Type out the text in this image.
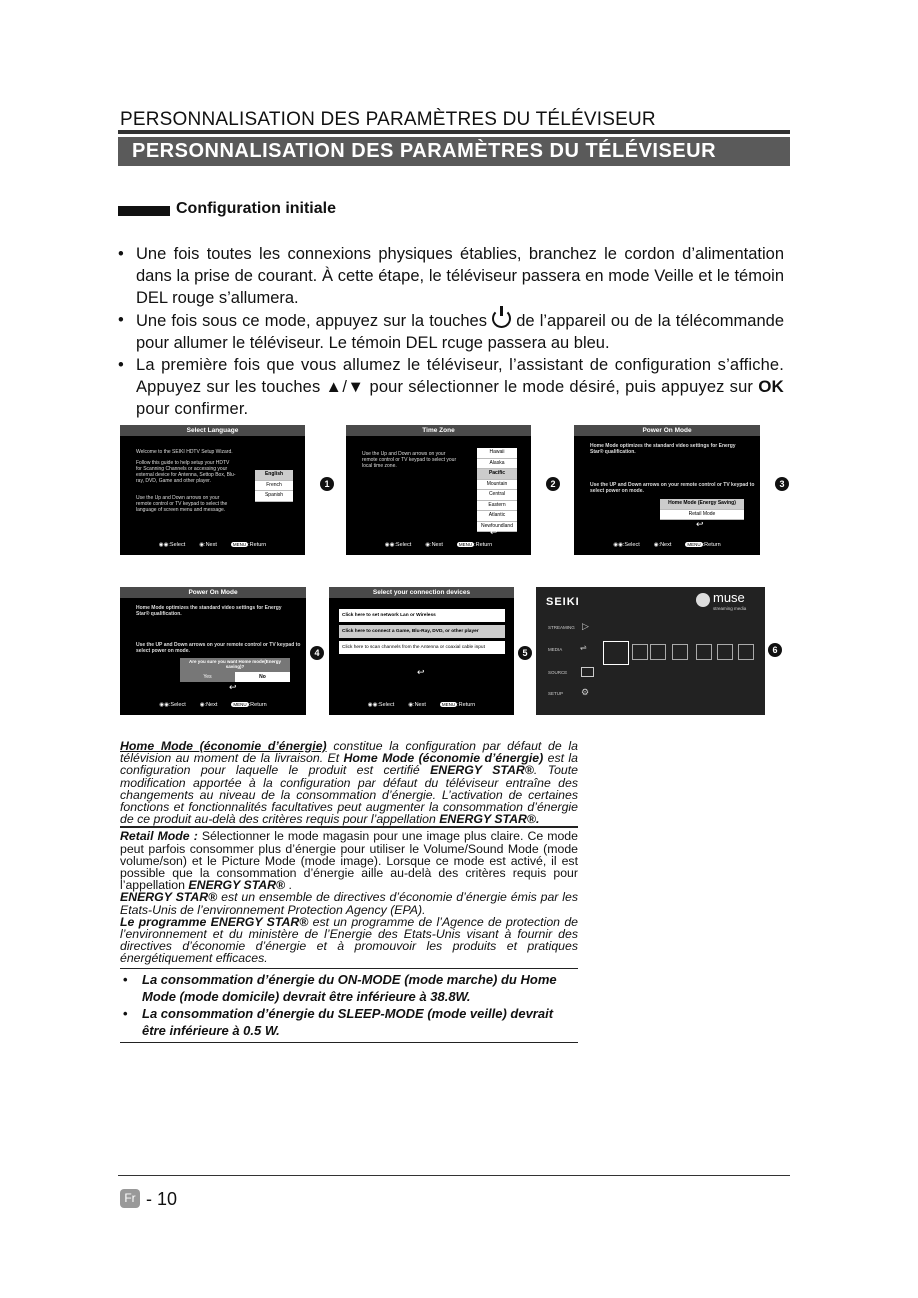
PERSONNALISATION DES PARAMÈTRES DU TÉLÉVISEUR
PERSONNALISATION DES PARAMÈTRES DU TÉLÉVISEUR
Configuration initiale
• Une fois toutes les connexions physiques établies, branchez le cordon d’alimentation dans la prise de courant. À cette étape, le téléviseur passera en mode Veille et le témoin DEL rouge s’allumera.
• Une fois sous ce mode, appuyez sur la touches  de l’appareil ou de la télécommande pour allumer le téléviseur. Le témoin DEL rcuge passera au bleu.
• La première fois que vous allumez le téléviseur, l’assistant de configuration s’affiche. Appuyez sur les touches ▲/▼ pour sélectionner le mode désiré, puis appuyez sur OK pour confirmer.
Select Language
Welcome to the SEIKI HDTV Setup Wizard.
Follow this guide to help setup your HDTV for Scanning Channels or accessing your external device for Antenna, Settop Box, Blu-ray, DVD, Game and other player.
Use the Up and Down arrows on your remote control or TV keypad to select the language of screen menu and message.
English
French
Spanish
◉◉:Select	◉:Next	MENU :Return
1
Time Zone
Use the Up and Down arrows on your remote control or TV keypad to select your local time zone.
Hawaii
Alaska
Pacific
Mountain
Central
Eastern
Atlantic
Newfoundland
↩
◉◉:Select	◉:Next	MENU :Return
2
Power On Mode
Home Mode optimizes the standard video settings for Energy Star® qualification.
Use the UP and Down arrows on your remote control or TV keypad to select power on mode.
Home Mode (Energy Saving)
Retail Mode
↩
◉◉:Select	◉:Next	MENU :Return
3
Power On Mode
Home Mode optimizes the standard video settings for Energy Star® qualification.
Use the UP and Down arrows on your remote control or TV keypad to select power on mode.
Are you sure you want Home mode(Energy saving)?
Yes	No
↩
◉◉:Select	◉:Next	MENU :Return
4
Select your connection devices
Click here to set network Lan or Wireless
Click here to connect a Game, Blu-Ray, DVD, or other player
Click here to scan channels from the Antenna or coaxial cable input
↩
◉◉:Select	◉:Next	MENU :Return
5
SEIKI	muse
streaming media
STREAMING ▷
MEDIA ⇌
SOURCE
SETUP ⚙
6

Home Mode (économie d’énergie) constitue la configuration par défaut de la télévision au moment de la livraison. Et Home Mode (économie d’énergie) est la configuration pour laquelle le produit est certifié ENERGY STAR®. Toute modification apportée à la configuration par défaut du téléviseur entraîne des changements au niveau de la consommation d’énergie. L’activation de certaines fonctions et fonctionnalités facultatives peut augmenter la consommation d’énergie de ce produit au-delà des critères requis pour l’appellation ENERGY STAR®.

Retail Mode : Sélectionner le mode magasin pour une image plus claire. Ce mode peut parfois consommer plus d’énergie pour utiliser le Volume/Sound Mode (mode volume/son) et le Picture Mode (mode image). Lorsque ce mode est activé, il est possible que la consommation d’énergie aille au-delà des critères requis pour l’appellation ENERGY STAR® .

ENERGY STAR® est un ensemble de directives d’économie d’énergie émis par les Etats-Unis de l’environnement Protection Agency (EPA).

Le programme ENERGY STAR® est un programme de l’Agence de protection de l’environnement et du ministère de l’Energie des Etats-Unis visant à fournir des directives d’économie d’énergie et à promouvoir les produits et pratiques énergétiquement efficaces.

• La consommation d’énergie du ON-MODE (mode marche) du Home Mode (mode domicile) devrait être inférieure à 38.8W.
• La consommation d’énergie du SLEEP-MODE (mode veille) devrait être inférieure à 0.5 W.
Fr - 10
